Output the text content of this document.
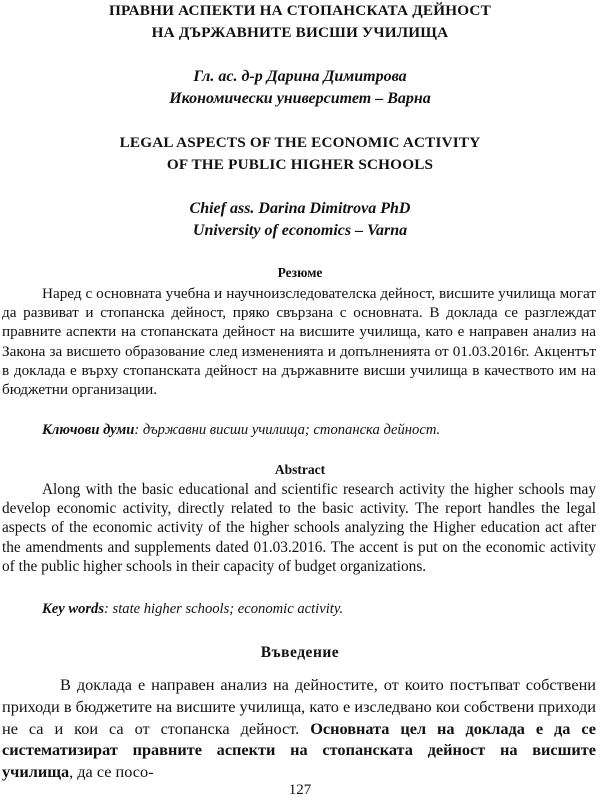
ПРАВНИ АСПЕКТИ НА СТОПАНСКАТА ДЕЙНОСТ
НА ДЪРЖАВНИТЕ ВИСШИ УЧИЛИЩА
Гл. ас. д-р Дарина Димитрова
Икономически университет – Варна
LEGAL ASPECTS OF THE ECONOMIC ACTIVITY
OF THE PUBLIC HIGHER SCHOOLS
Chief ass. Darina Dimitrova PhD
University of economics – Varna
Резюме

Наред с основната учебна и научноизследователска дейност, висшите училища могат да развиват и стопанска дейност, пряко свързана с основната. В доклада се разглеждат правните аспекти на стопанската дейност на висшите училища, като е направен анализ на Закона за висшето образование след измененията и допълненията от 01.03.2016г. Акцентът в доклада е върху стопанската дейност на държавните висши училища в качеството им на бюджетни организации.

Ключови думи: държавни висши училища; стопанска дейност.
Abstract

Along with the basic educational and scientific research activity the higher schools may develop economic activity, directly related to the basic activity. The report handles the legal aspects of the economic activity of the higher schools analyzing the Higher education act after the amendments and supplements dated 01.03.2016. The accent is put on the economic activity of the public higher schools in their capacity of budget organizations.

Key words: state higher schools; economic activity.
Въведение

В доклада е направен анализ на дейностите, от които постъпват собствени приходи в бюджетите на висшите училища, като е изследвано кои собствени приходи не са и кои са от стопанска дейност. Основната цел на доклада е да се систематизират правните аспекти на стопанската дейност на висшите училища, да се посо-

127
